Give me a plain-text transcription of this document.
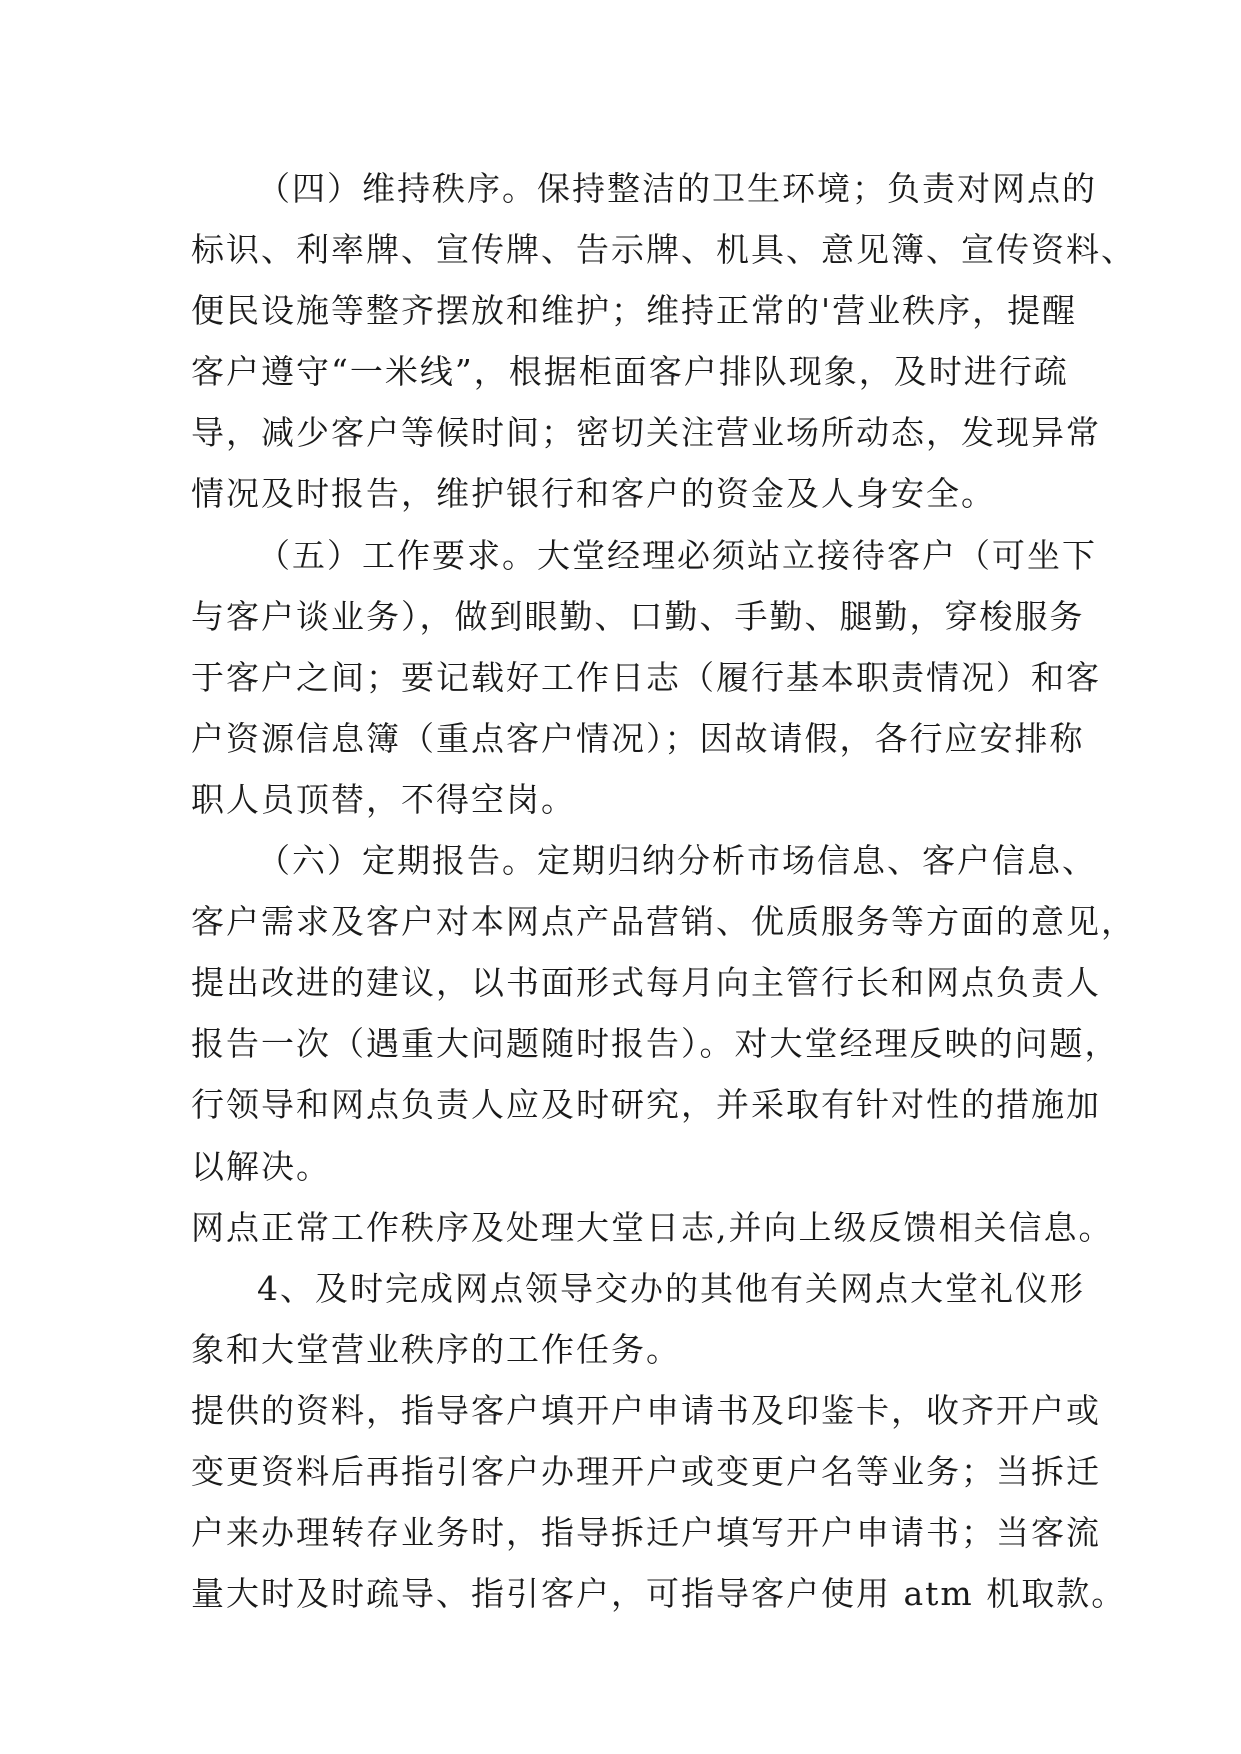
（四）维持秩序。保持整洁的卫生环境；负责对网点的
标识、利率牌、宣传牌、告示牌、机具、意见簿、宣传资料、
便民设施等整齐摆放和维护；维持正常的'营业秩序，提醒
客户遵守“一米线”，根据柜面客户排队现象，及时进行疏
导，减少客户等候时间；密切关注营业场所动态，发现异常
情况及时报告，维护银行和客户的资金及人身安全。

（五）工作要求。大堂经理必须站立接待客户（可坐下
与客户谈业务），做到眼勤、口勤、手勤、腿勤，穿梭服务
于客户之间；要记载好工作日志（履行基本职责情况）和客
户资源信息簿（重点客户情况）；因故请假，各行应安排称
职人员顶替，不得空岗。

（六）定期报告。定期归纳分析市场信息、客户信息、
客户需求及客户对本网点产品营销、优质服务等方面的意见，
提出改进的建议，以书面形式每月向主管行长和网点负责人
报告一次（遇重大问题随时报告）。对大堂经理反映的问题，
行领导和网点负责人应及时研究，并采取有针对性的措施加
以解决。

网点正常工作秩序及处理大堂日志,并向上级反馈相关信息。

4、及时完成网点领导交办的其他有关网点大堂礼仪形
象和大堂营业秩序的工作任务。

提供的资料，指导客户填开户申请书及印鉴卡，收齐开户或
变更资料后再指引客户办理开户或变更户名等业务；当拆迁
户来办理转存业务时，指导拆迁户填写开户申请书；当客流
量大时及时疏导、指引客户，可指导客户使用 atm 机取款。
